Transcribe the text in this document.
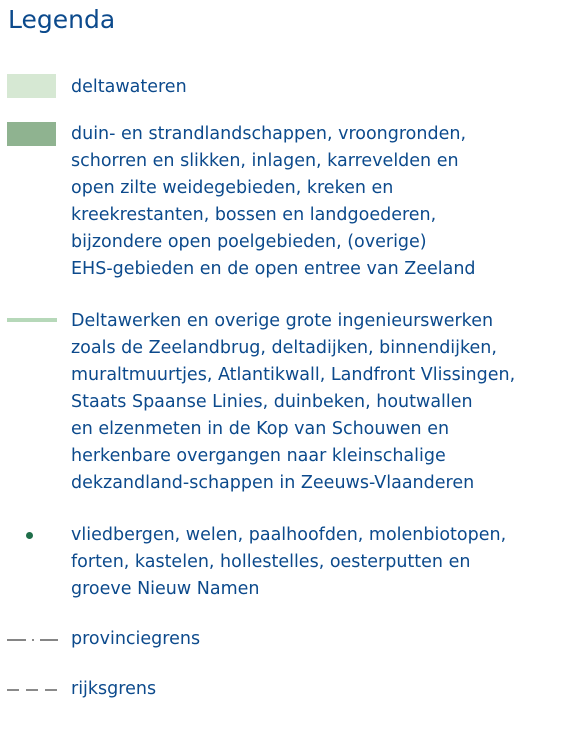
Legenda
deltawateren
duin- en strandlandschappen, vroongronden,
schorren en slikken, inlagen, karrevelden en
open zilte weidegebieden, kreken en
kreekrestanten, bossen en landgoederen,
bijzondere open poelgebieden, (overige)
EHS-gebieden en de open entree van Zeeland
Deltawerken en overige grote ingenieurswerken
zoals de Zeelandbrug, deltadijken, binnendijken,
muraltmuurtjes, Atlantikwall, Landfront Vlissingen,
Staats Spaanse Linies, duinbeken, houtwallen
en elzenmeten in de Kop van Schouwen en
herkenbare overgangen naar kleinschalige
dekzandland-schappen in Zeeuws-Vlaanderen
vliedbergen, welen, paalhoofden, molenbiotopen,
forten, kastelen, hollestelles, oesterputten en
groeve Nieuw Namen
provinciegrens
rijksgrens
